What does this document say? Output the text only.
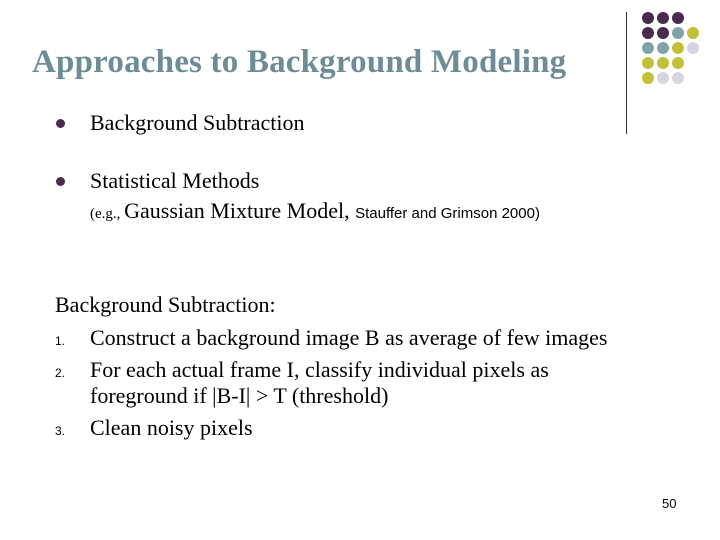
Approaches to Background Modeling
Background Subtraction
Statistical Methods
(e.g., Gaussian Mixture Model, Stauffer and Grimson 2000)
Background Subtraction:
1. Construct a background image B as average of few images
2. For each actual frame I, classify individual pixels as
foreground if |B-I| > T (threshold)
3. Clean noisy pixels
50
